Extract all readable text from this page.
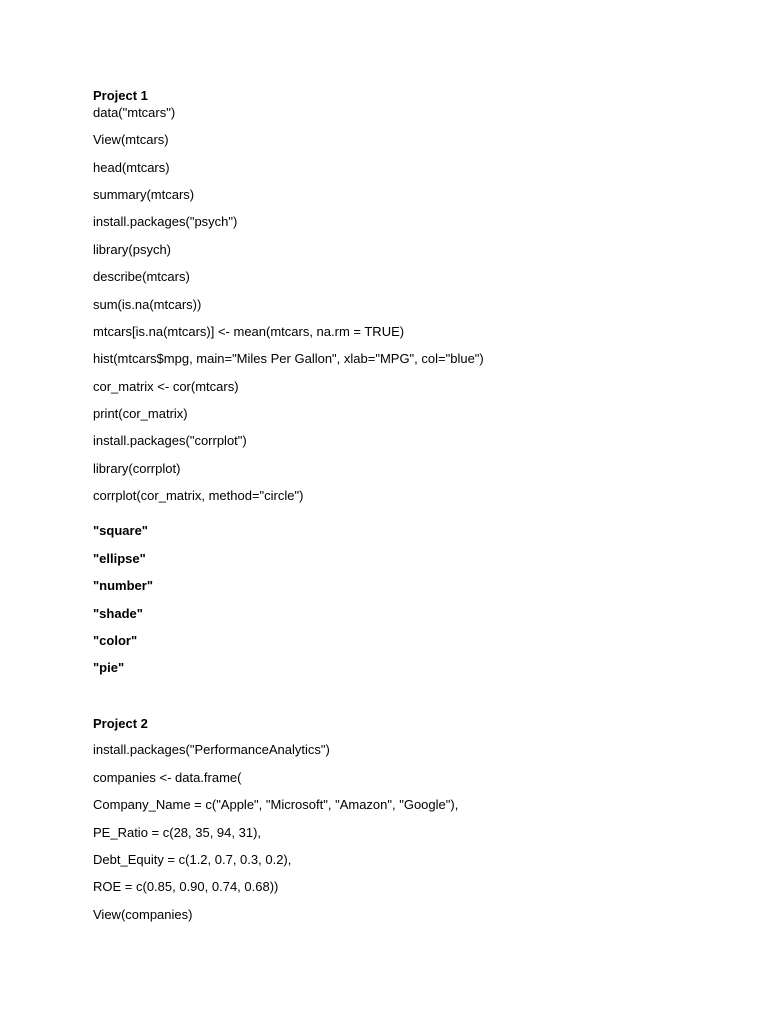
Project 1
data("mtcars")
View(mtcars)
head(mtcars)
summary(mtcars)
install.packages("psych")
library(psych)
describe(mtcars)
sum(is.na(mtcars))
mtcars[is.na(mtcars)] <- mean(mtcars, na.rm = TRUE)
hist(mtcars$mpg, main="Miles Per Gallon", xlab="MPG", col="blue")
cor_matrix <- cor(mtcars)
print(cor_matrix)
install.packages("corrplot")
library(corrplot)
corrplot(cor_matrix, method="circle")
"square"
"ellipse"
"number"
"shade"
"color"
"pie"
Project 2
install.packages("PerformanceAnalytics")
companies <- data.frame(
Company_Name = c("Apple", "Microsoft", "Amazon", "Google"),
PE_Ratio = c(28, 35, 94, 31),
Debt_Equity = c(1.2, 0.7, 0.3, 0.2),
ROE = c(0.85, 0.90, 0.74, 0.68))
View(companies)
